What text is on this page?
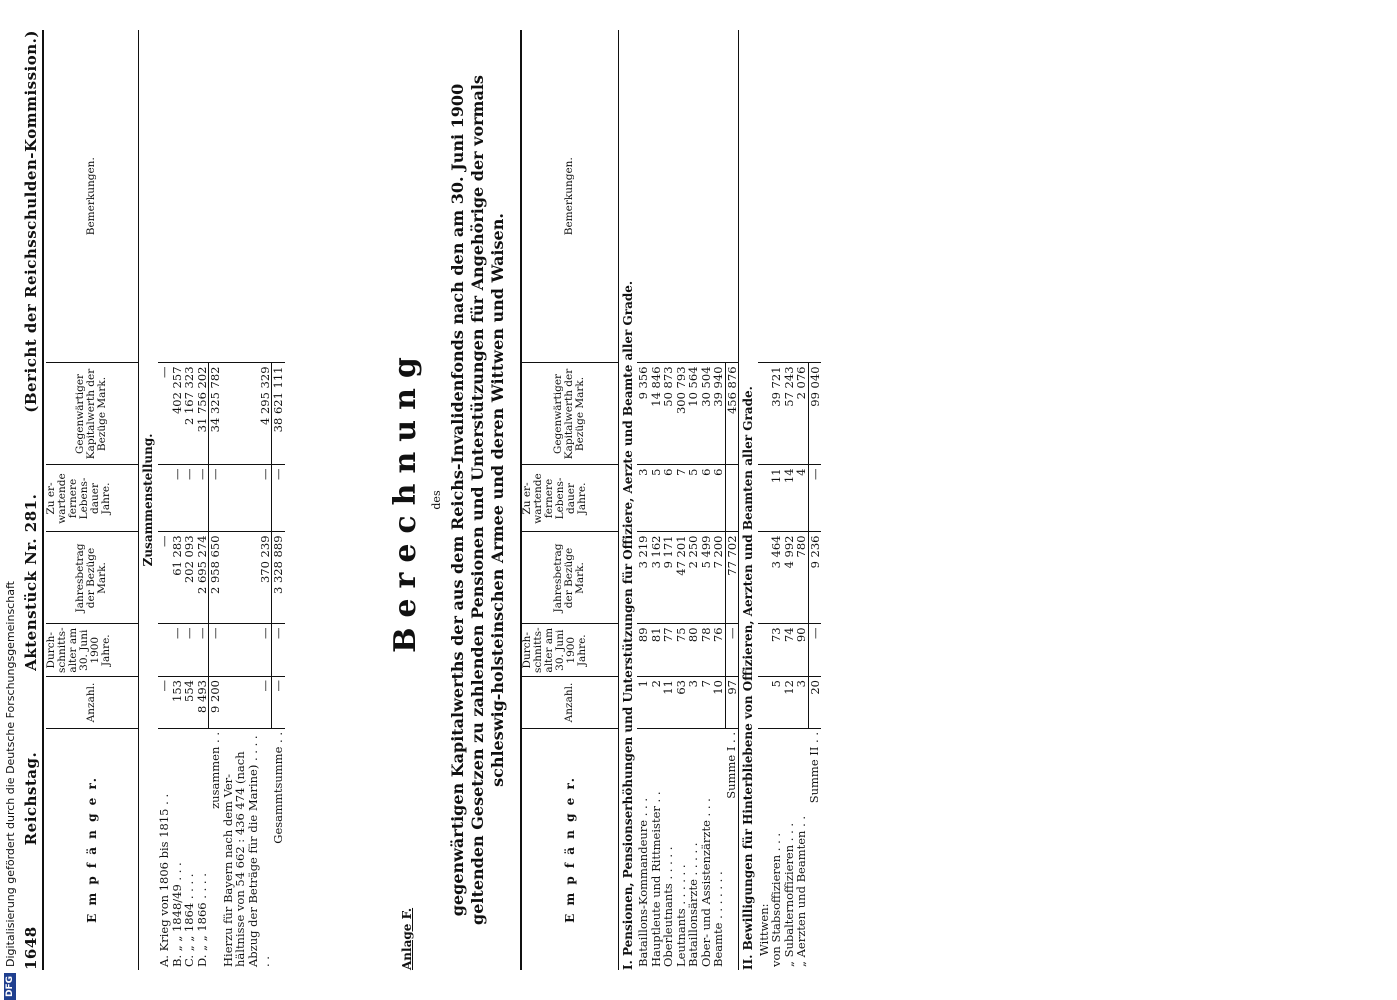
1648
Reichstag.
Aktenstück Nr. 281.
(Bericht der Reichsschulden-Kommission.)
E m p f ä n g e r.	Anzahl.	Durch-schnitts-alter am 30. Juni 1900 Jahre.	Jahresbetrag der Bezüge Mark.	Zu er-wartende fernere Lebens-dauer Jahre.	Gegenwärtiger Kapitalwerth der Bezüge Mark.	Bemerkungen.
Zusammenstellung.						
A. Krieg von 1806 bis 1815 . .	—		—		—	
B. „ „ 1848/49 . . .	153	—	61 283	—	402 257	
C. „ „ 1864 . . . .	554	—	202 093	—	2 167 323	
D. „ „ 1866 . . . .	8 493	—	2 695 274	—	31 756 202	
zusammen . .	9 200	—	2 958 650	—	34 325 782	
Hierzu für Bayern nach dem Ver-hältnisse von 54 662 : 436 474 (nach Abzug der Beträge für die Marine) . . . . . .	—	—	370 239	—	4 295 329	
Gesammtsumme . .	—	—	3 328 889	—	38 621 111	
Anlage F.
Berechnung des gegenwärtigen Kapitalwerths der aus dem Reichs-Invalidenfonds nach den am 30. Juni 1900 geltenden Gesetzen zu zahlenden Pensionen und Unterstützungen für Angehörige der vormals schleswig-holsteinschen Armee und deren Wittwen und Waisen.
E m p f ä n g e r.	Anzahl.	Durch-schnitts-alter am 30. Juni 1900 Jahre.	Jahresbetrag der Bezüge Mark.	Zu er-wartende fernere Lebens-dauer Jahre.	Gegenwärtiger Kapitalwerth der Bezüge Mark.	Bemerkungen.
I. Pensionen, Pensionserhöhungen und Unterstützungen für Offiziere, Aerzte und Beamte aller Grade.						
Bataillons-Kommandeure . . .	1	89	3 219	3	9 356	
Hauptleute und Rittmeister . .	2	81	3 162	5	14 846	
Oberleutnants . . . . .	11	77	9 171	6	50 873	
Leutnants . . . . . .	63	75	47 201	7	300 793	
Bataillonsärzte . . . . .	3	80	2 250	5	10 564	
Ober- und Assistenzärzte . . .	7	78	5 499	6	30 504	
Beamte . . . . . . .	10	76	7 200	6	39 940	
Summe I . .	97	—	77 702		456 876	
II. Bewilligungen für Hinterbliebene von Offizieren, Aerzten und Beamten aller Grade.						
Wittwen:						
von Stabsoffizieren . . .	5	73	3 464	11	39 721	
„ Subalternoffizieren . . .	12	74	4 992	14	57 243	
„ Aerzten und Beamten . .	3	90	780	4	2 076	
Summe II . .	20	—	9 236	—	99 040	
DFG
Digitalisierung gefördert durch die Deutsche Forschungsgemeinschaft
